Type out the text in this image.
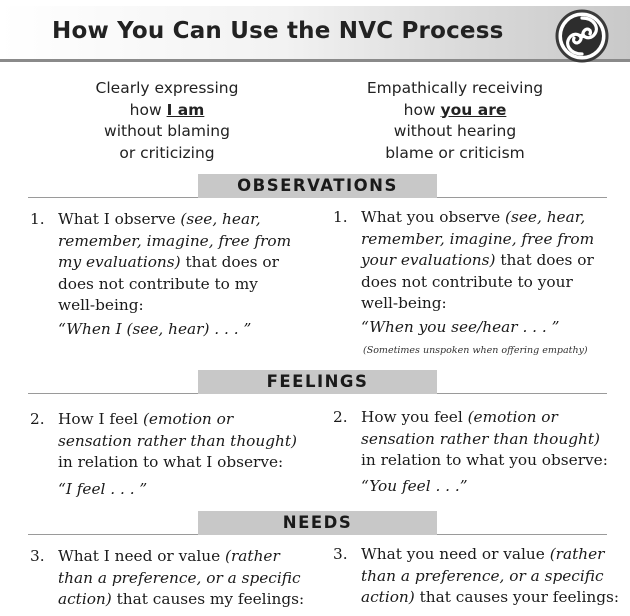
How You Can Use the NVC Process
Clearly expressing
how I am
without blaming
or criticizing
Empathically receiving
how you are
without hearing
blame or criticism
OBSERVATIONS
1. What I observe (see, hear,
remember, imagine, free from
my evaluations) that does or
does not contribute to my
well-being:
“When I (see, hear) . . . ”
1. What you observe (see, hear,
remember, imagine, free from
your evaluations) that does or
does not contribute to your
well-being:
“When you see/hear . . . ”
(Sometimes unspoken when offering empathy)
FEELINGS
2. How I feel (emotion or
sensation rather than thought)
in relation to what I observe:
“I feel . . . ”
2. How you feel (emotion or
sensation rather than thought)
in relation to what you observe:
“You feel . . .”
NEEDS
3. What I need or value (rather
than a preference, or a specific
action) that causes my feelings:
3. What you need or value (rather
than a preference, or a specific
action) that causes your feelings:
